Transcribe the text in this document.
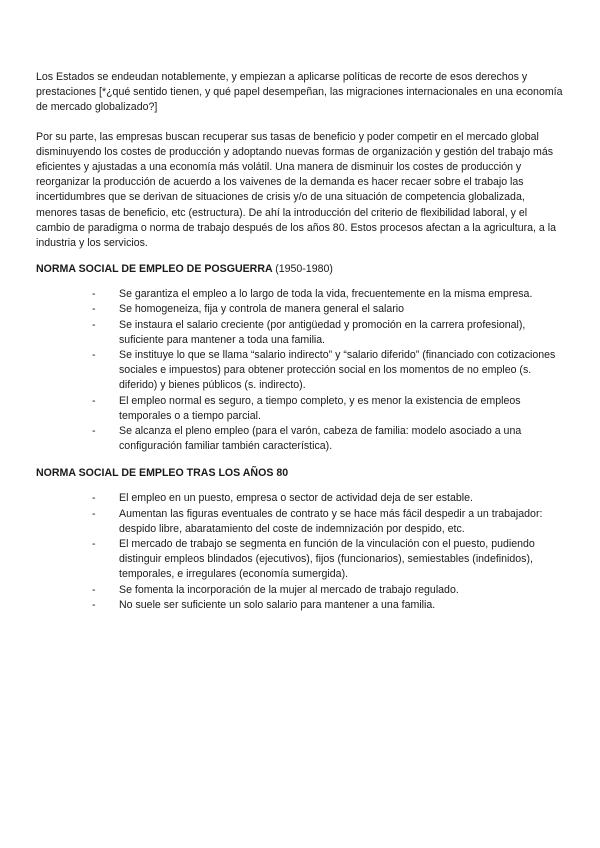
Los Estados se endeudan notablemente, y empiezan a aplicarse políticas de recorte de esos derechos y prestaciones [*¿qué sentido tienen, y qué papel desempeñan, las migraciones internacionales en una economía de mercado globalizado?]

Por su parte, las empresas buscan recuperar sus tasas de beneficio y poder competir en el mercado global disminuyendo los costes de producción y adoptando nuevas formas de organización y gestión del trabajo más eficientes y ajustadas a una economía más volátil. Una manera de disminuir los costes de producción y reorganizar la producción de acuerdo a los vaivenes de la demanda es hacer recaer sobre el trabajo las incertidumbres que se derivan de situaciones de crisis y/o de una situación de competencia globalizada, menores tasas de beneficio, etc (estructura). De ahí la introducción del criterio de flexibilidad laboral, y el cambio de paradigma o norma de trabajo después de los años 80. Estos procesos afectan a la agricultura, a la industria y los servicios.

NORMA SOCIAL DE EMPLEO DE POSGUERRA (1950-1980)
- Se garantiza el empleo a lo largo de toda la vida, frecuentemente en la misma empresa.
- Se homogeneiza, fija y controla de manera general el salario
- Se instaura el salario creciente (por antigüedad y promoción en la carrera profesional), suficiente para mantener a toda una familia.
- Se instituye lo que se llama “salario indirecto” y “salario diferido” (financiado con cotizaciones sociales e impuestos) para obtener protección social en los momentos de no empleo (s. diferido) y bienes públicos (s. indirecto).
- El empleo normal es seguro, a tiempo completo, y es menor la existencia de empleos temporales o a tiempo parcial.
- Se alcanza el pleno empleo (para el varón, cabeza de familia: modelo asociado a una configuración familiar también característica).
NORMA SOCIAL DE EMPLEO TRAS LOS AÑOS 80
- El empleo en un puesto, empresa o sector de actividad deja de ser estable.
- Aumentan las figuras eventuales de contrato y se hace más fácil despedir a un trabajador: despido libre, abaratamiento del coste de indemnización por despido, etc.
- El mercado de trabajo se segmenta en función de la vinculación con el puesto, pudiendo distinguir empleos blindados (ejecutivos), fijos (funcionarios), semiestables (indefinidos), temporales, e irregulares (economía sumergida).
- Se fomenta la incorporación de la mujer al mercado de trabajo regulado.
- No suele ser suficiente un solo salario para mantener a una familia.
